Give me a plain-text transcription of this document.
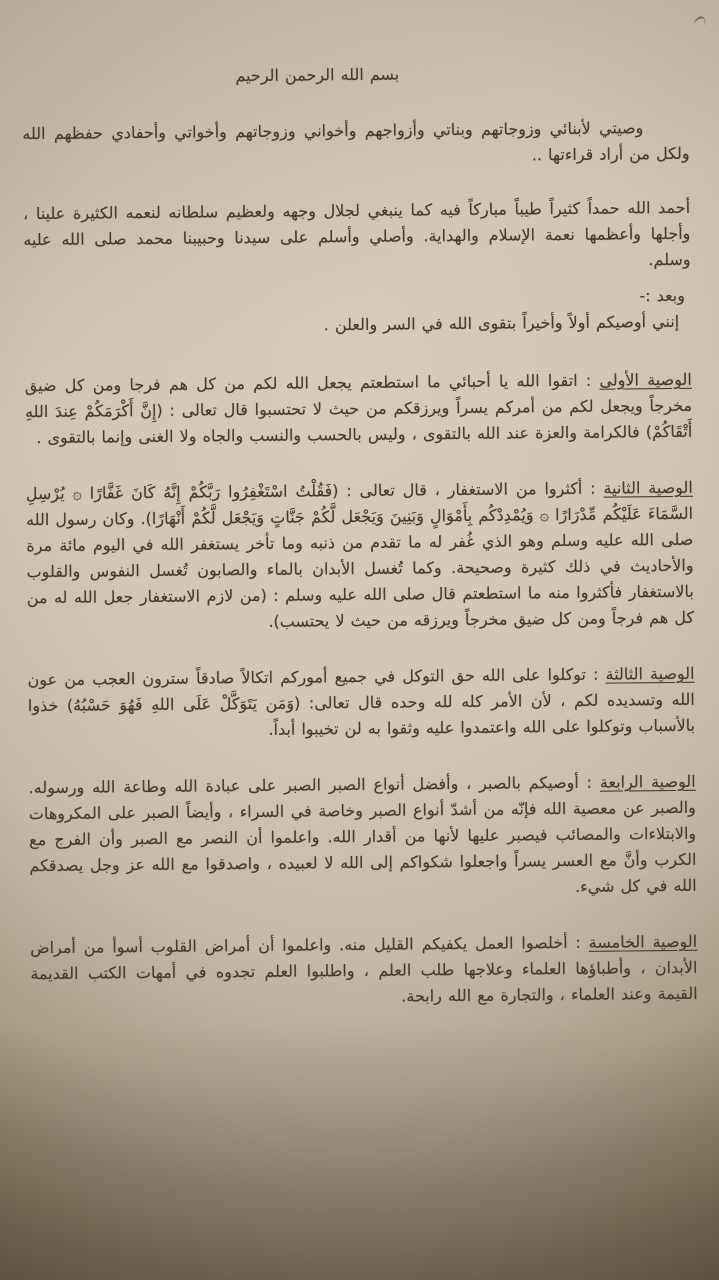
بسم الله الرحمن الرحيم

وصيتي لأبنائي وزوجاتهم وبناتي وأزواجهم وأخواني وزوجاتهم وأخواتي وأحفادي حفظهم الله ولكل من أراد قراءتها ..

أحمد الله حمداً كثيراً طيباً مباركاً فيه كما ينبغي لجلال وجهه ولعظيم سلطانه لنعمه الكثيرة علينا ، وأجلها وأعظمها نعمة الإسلام والهداية. وأصلي وأسلم على سيدنا وحبيبنا محمد صلى الله عليه وسلم.

وبعد :-
إنني أوصيكم أولاً وأخيراً بتقوى الله في السر والعلن .

الوصية الأولى : اتقوا الله يا أحبائي ما استطعتم يجعل الله لكم من كل هم فرجا ومن كل ضيق مخرجاً ويجعل لكم من أمركم يسراً ويرزقكم من حيث لا تحتسبوا قال تعالى : (إِنَّ أَكْرَمَكُمْ عِندَ اللهِ أَتْقَاكُمْ) فالكرامة والعزة عند الله بالتقوى ، وليس بالحسب والنسب والجاه ولا الغنى وإنما بالتقوى .

الوصية الثانية : أكثروا من الاستغفار ، قال تعالى : (فَقُلْتُ اسْتَغْفِرُوا رَبَّكُمْ إِنَّهُ كَانَ غَفَّارًا ۞ يُرْسِلِ السَّمَاءَ عَلَيْكُم مِّدْرَارًا ۞ وَيُمْدِدْكُم بِأَمْوَالٍ وَبَنِينَ وَيَجْعَل لَّكُمْ جَنَّاتٍ وَيَجْعَل لَّكُمْ أَنْهَارًا). وكان رسول الله صلى الله عليه وسلم وهو الذي غُفر له ما تقدم من ذنبه وما تأخر يستغفر الله في اليوم مائة مرة والأحاديث في ذلك كثيرة وصحيحة. وكما تُغسل الأبدان بالماء والصابون تُغسل النفوس والقلوب بالاستغفار فأكثروا منه ما استطعتم قال صلى الله عليه وسلم : (من لازم الاستغفار جعل الله له من كل هم فرجاً ومن كل ضيق مخرجاً ويرزقه من حيث لا يحتسب).

الوصية الثالثة : توكلوا على الله حق التوكل في جميع أموركم اتكالاً صادقاً سترون العجب من عون الله وتسديده لكم ، لأن الأمر كله لله وحده قال تعالى: (وَمَن يَتَوَكَّلْ عَلَى اللهِ فَهُوَ حَسْبُهُ) خذوا بالأسباب وتوكلوا على الله واعتمدوا عليه وثقوا به لن تخيبوا أبداً.

الوصية الرابعة : أوصيكم بالصبر ، وأفضل أنواع الصبر الصبر على عبادة الله وطاعة الله ورسوله. والصبر عن معصية الله فإنّه من أشدّ أنواع الصبر وخاصة في السراء ، وأيضاً الصبر على المكروهات والابتلاءات والمصائب فيصبر عليها لأنها من أقدار الله. واعلموا أن النصر مع الصبر وأن الفرج مع الكرب وأنَّ مع العسر يسراً واجعلوا شكواكم إلى الله لا لعبيده ، واصدقوا مع الله عز وجل يصدقكم الله في كل شيء.

الوصية الخامسة : أخلصوا العمل يكفيكم القليل منه. واعلموا أن أمراض القلوب أسوأ من أمراض الأبدان ، وأطباؤها العلماء وعلاجها طلب العلم ، واطلبوا العلم تجدوه في أمهات الكتب القديمة القيمة وعند العلماء ، والتجارة مع الله رابحة.
